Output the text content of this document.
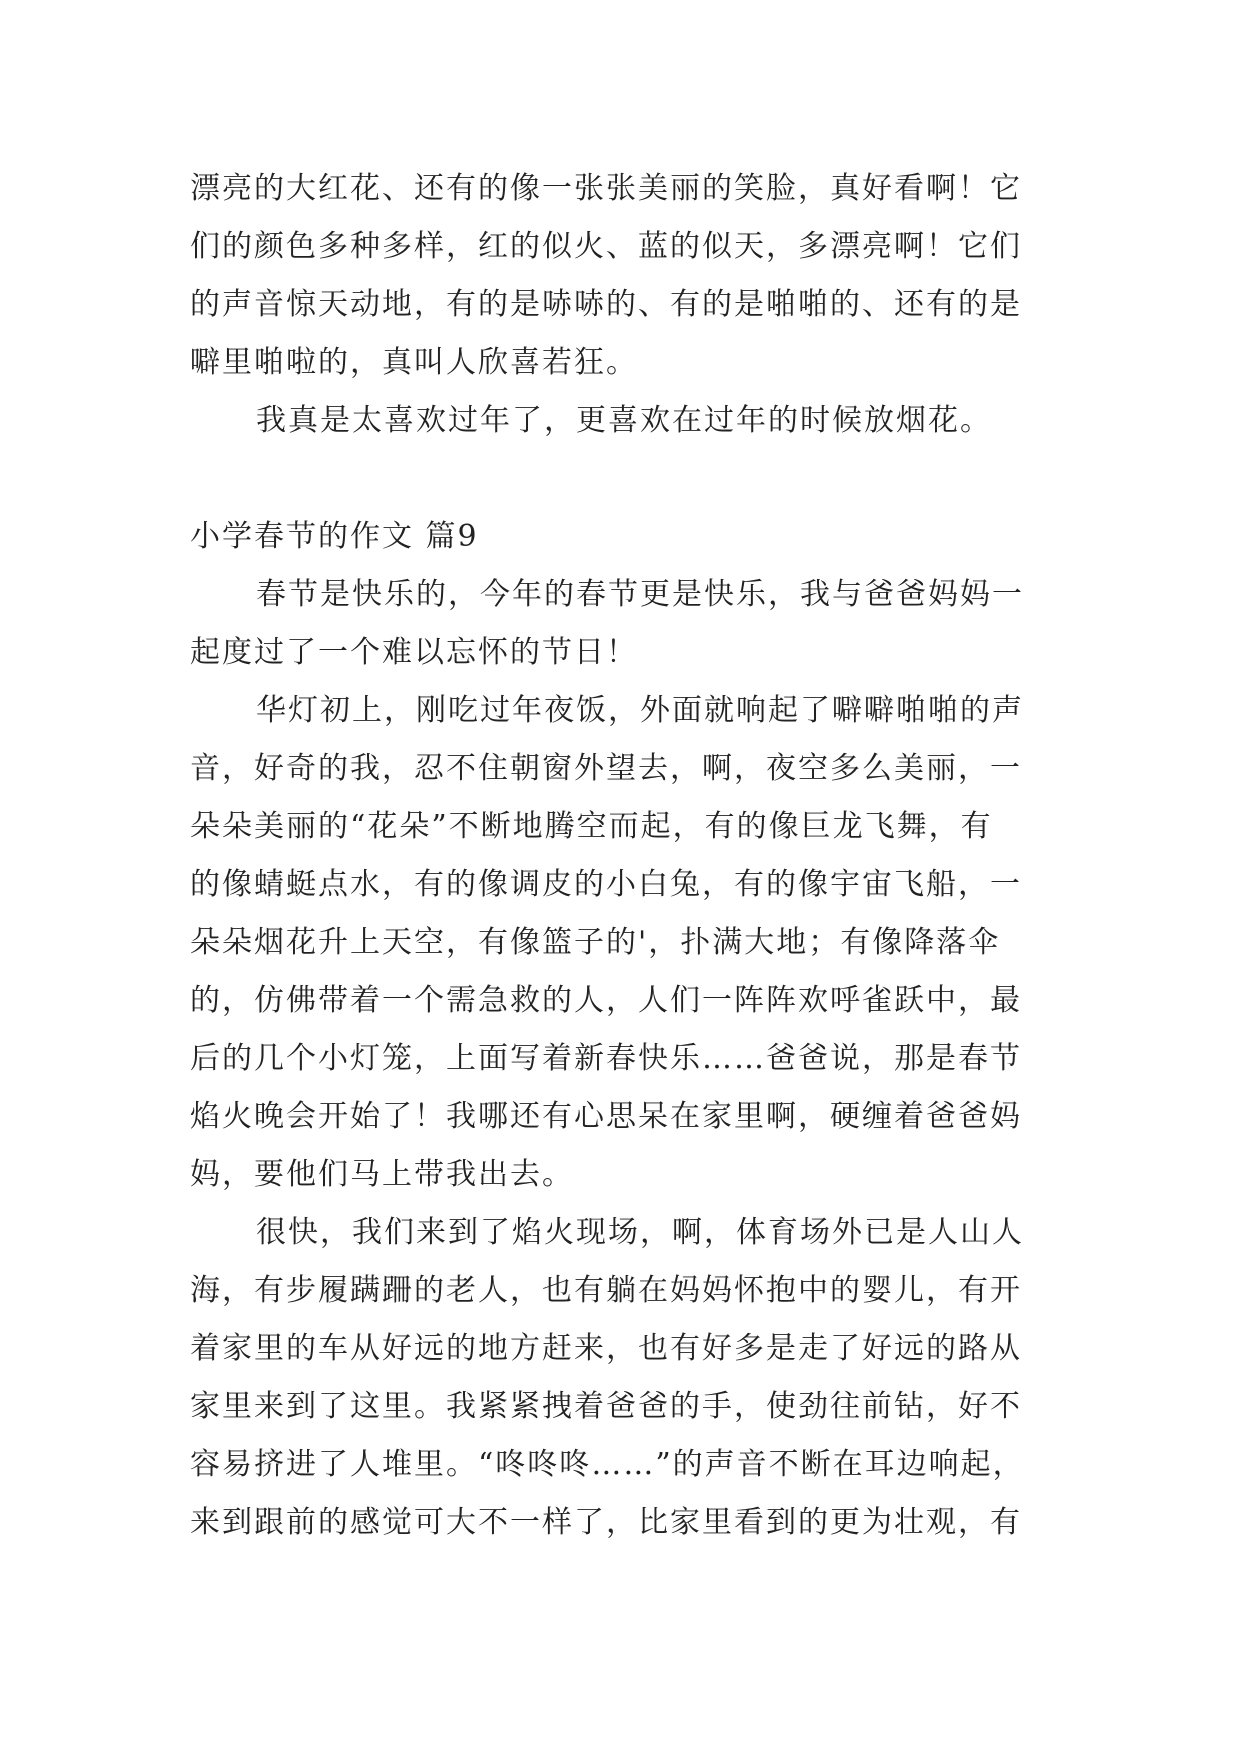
漂亮的大红花、还有的像一张张美丽的笑脸，真好看啊！它
们的颜色多种多样，红的似火、蓝的似天，多漂亮啊！它们
的声音惊天动地，有的是哧哧的、有的是啪啪的、还有的是
噼里啪啦的，真叫人欣喜若狂。
我真是太喜欢过年了，更喜欢在过年的时候放烟花。
小学春节的作文 篇9
春节是快乐的，今年的春节更是快乐，我与爸爸妈妈一
起度过了一个难以忘怀的节日！
华灯初上，刚吃过年夜饭，外面就响起了噼噼啪啪的声
音，好奇的我，忍不住朝窗外望去，啊，夜空多么美丽，一
朵朵美丽的“花朵”不断地腾空而起，有的像巨龙飞舞，有
的像蜻蜓点水，有的像调皮的小白兔，有的像宇宙飞船，一
朵朵烟花升上天空，有像篮子的'，扑满大地；有像降落伞
的，仿佛带着一个需急救的人，人们一阵阵欢呼雀跃中，最
后的几个小灯笼，上面写着新春快乐……爸爸说，那是春节
焰火晚会开始了！我哪还有心思呆在家里啊，硬缠着爸爸妈
妈，要他们马上带我出去。
很快，我们来到了焰火现场，啊，体育场外已是人山人
海，有步履蹒跚的老人，也有躺在妈妈怀抱中的婴儿，有开
着家里的车从好远的地方赶来，也有好多是走了好远的路从
家里来到了这里。我紧紧拽着爸爸的手，使劲往前钻，好不
容易挤进了人堆里。“咚咚咚……”的声音不断在耳边响起，
来到跟前的感觉可大不一样了，比家里看到的更为壮观，有
